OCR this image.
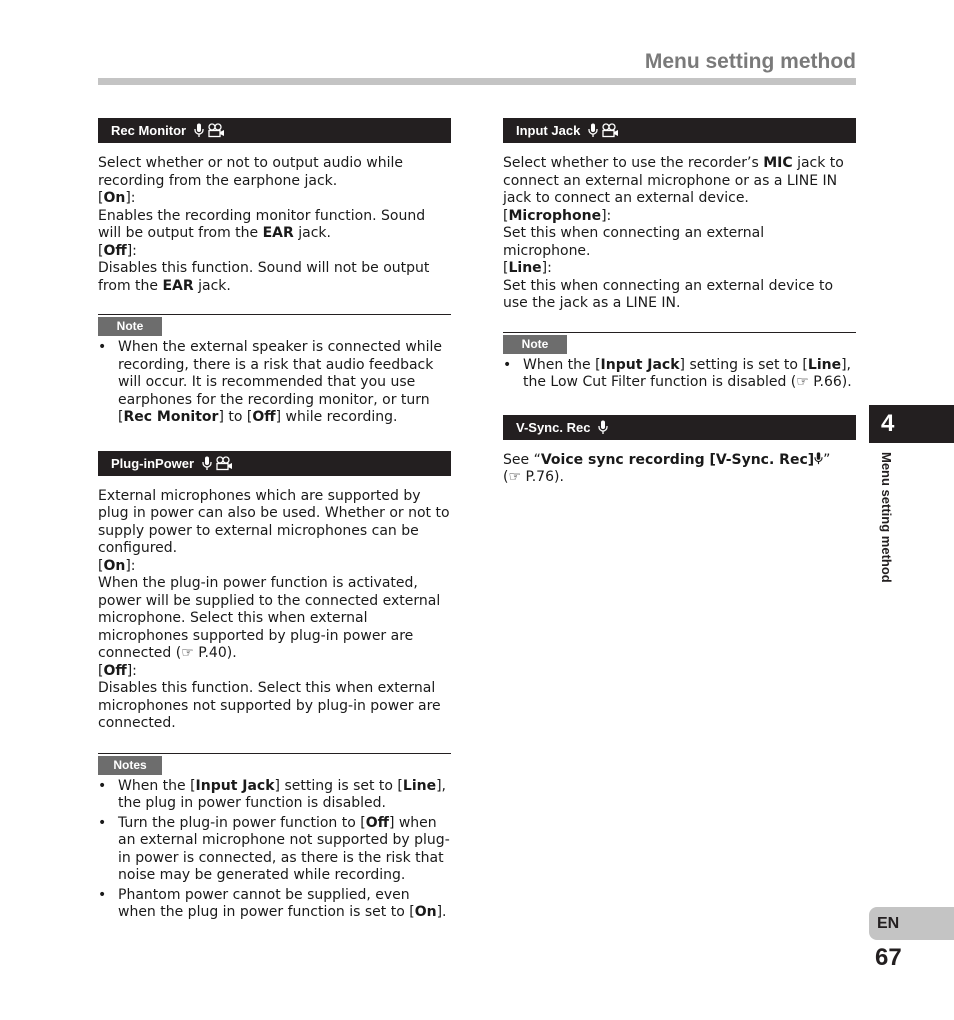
Menu setting method
Rec Monitor

Select whether or not to output audio while recording from the earphone jack.

[On]:

Enables the recording monitor function. Sound will be output from the EAR jack.

[Off]:

Disables this function. Sound will not be output from the EAR jack.

Note
• When the external speaker is connected while recording, there is a risk that audio feedback will occur. It is recommended that you use earphones for the recording monitor, or turn [Rec Monitor] to [Off] while recording.
Plug-inPower

External microphones which are supported by plug in power can also be used. Whether or not to supply power to external microphones can be configured.

[On]:

When the plug-in power function is activated, power will be supplied to the connected external microphone. Select this when external microphones supported by plug-in power are connected (☞ P.40).

[Off]:

Disables this function. Select this when external microphones not supported by plug-in power are connected.

Notes
• When the [Input Jack] setting is set to [Line], the plug in power function is disabled.
• Turn the plug-in power function to [Off] when an external microphone not supported by plug-in power is connected, as there is the risk that noise may be generated while recording.
• Phantom power cannot be supplied, even when the plug in power function is set to [On].
Input Jack

Select whether to use the recorder’s MIC jack to connect an external microphone or as a LINE IN jack to connect an external device.

[Microphone]:

Set this when connecting an external microphone.

[Line]:

Set this when connecting an external device to use the jack as a LINE IN.

Note
• When the [Input Jack] setting is set to [Line], the Low Cut Filter function is disabled (☞ P.66).
V-Sync. Rec

See “Voice sync recording [V-Sync. Rec] ”

(☞ P.76).

4
Menu setting method
EN
67
